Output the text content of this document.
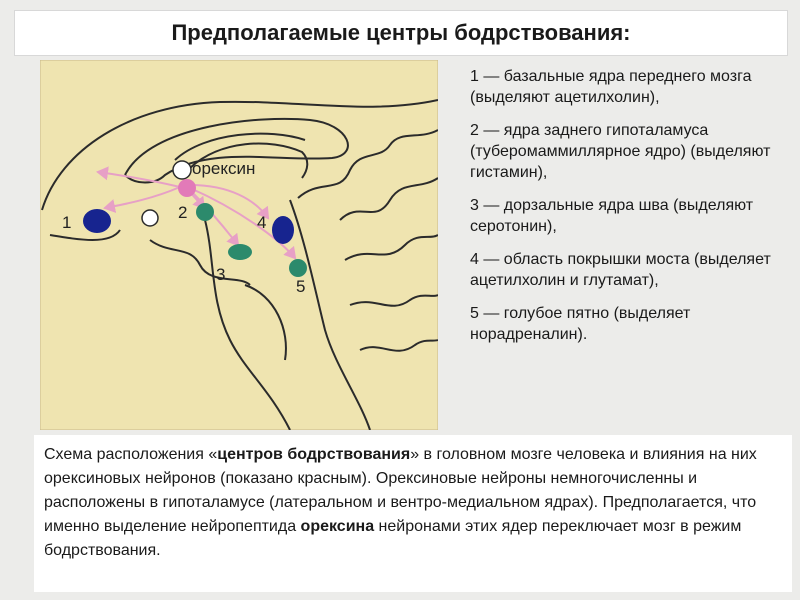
Предполагаемые центры бодрствования:
орексин
1
2
3
4
5

1 — базальные ядра переднего мозга (выделяют ацетилхолин),

2 — ядра заднего гипоталамуса (туберомаммиллярное ядро) (выделяют гистамин),

3 — дорзальные ядра шва (выделяют серотонин),

4 — область покрышки моста (выделяет ацетилхолин и глутамат),

5 — голубое пятно (выделяет норадреналин).

Схема расположения «центров бодрствования» в головном мозге человека и влияния на них орексиновых нейронов (показано красным). Орексиновые нейроны немногочисленны и расположены в гипоталамусе (латеральном и вентро-медиальном ядрах). Предполагается, что именно выделение нейропептида орексина нейронами этих ядер переключает мозг в режим бодрствования.
